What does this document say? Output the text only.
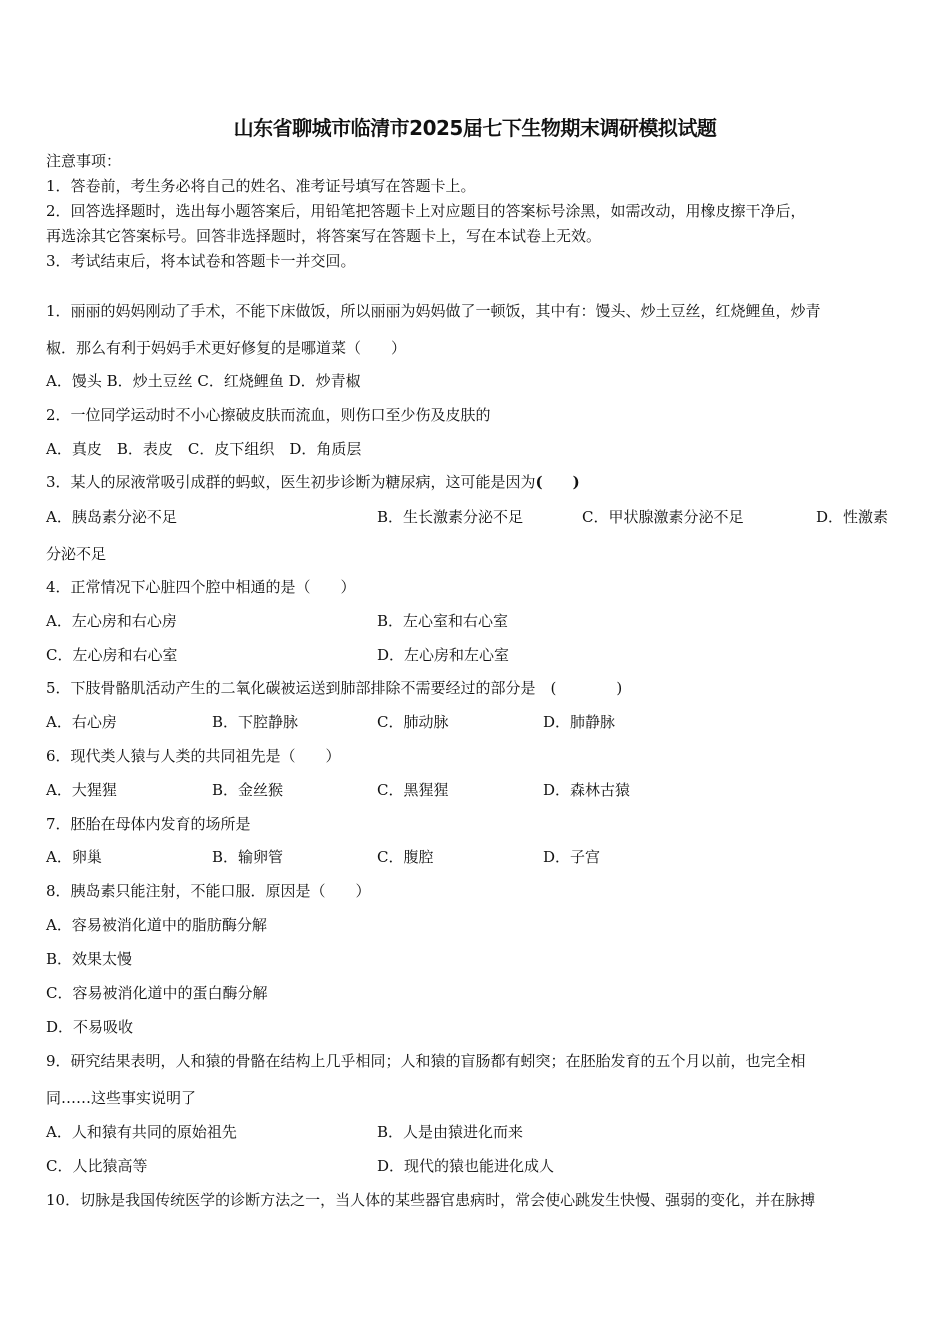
山东省聊城市临清市2025届七下生物期末调研模拟试题
注意事项：
1．答卷前，考生务必将自己的姓名、准考证号填写在答题卡上。
2．回答选择题时，选出每小题答案后，用铅笔把答题卡上对应题目的答案标号涂黑，如需改动，用橡皮擦干净后，
再选涂其它答案标号。回答非选择题时，将答案写在答题卡上，写在本试卷上无效。
3．考试结束后，将本试卷和答题卡一并交回。
1．丽丽的妈妈刚动了手术，不能下床做饭，所以丽丽为妈妈做了一顿饭，其中有：馒头、炒土豆丝，红烧鲤鱼，炒青
椒．那么有利于妈妈手术更好修复的是哪道菜（　　）
A．馒头 B．炒土豆丝 C．红烧鲤鱼 D．炒青椒
2．一位同学运动时不小心擦破皮肤而流血，则伤口至少伤及皮肤的
A．真皮　B．表皮　C．皮下组织　D．角质层
3．某人的尿液常吸引成群的蚂蚁，医生初步诊断为糖尿病，这可能是因为(　　)
A．胰岛素分泌不足	B．生长激素分泌不足	C．甲状腺激素分泌不足	D．性激素
分泌不足
4．正常情况下心脏四个腔中相通的是（　　）
A．左心房和右心房	B．左心室和右心室
C．左心房和右心室	D．左心房和左心室
5．下肢骨骼肌活动产生的二氧化碳被运送到肺部排除不需要经过的部分是　(　　　　)
A．右心房	B．下腔静脉	C．肺动脉	D．肺静脉
6．现代类人猿与人类的共同祖先是（　　）
A．大猩猩	B．金丝猴	C．黑猩猩	D．森林古猿
7．胚胎在母体内发育的场所是
A．卵巢	B．输卵管	C．腹腔	D．子宫
8．胰岛素只能注射，不能口服．原因是（　　）
A．容易被消化道中的脂肪酶分解
B．效果太慢
C．容易被消化道中的蛋白酶分解
D．不易吸收
9．研究结果表明，人和猿的骨骼在结构上几乎相同；人和猿的盲肠都有蚓突；在胚胎发育的五个月以前，也完全相
同……这些事实说明了
A．人和猿有共同的原始祖先	B．人是由猿进化而来
C．人比猿高等	D．现代的猿也能进化成人
10．切脉是我国传统医学的诊断方法之一，当人体的某些器官患病时，常会使心跳发生快慢、强弱的变化，并在脉搏
